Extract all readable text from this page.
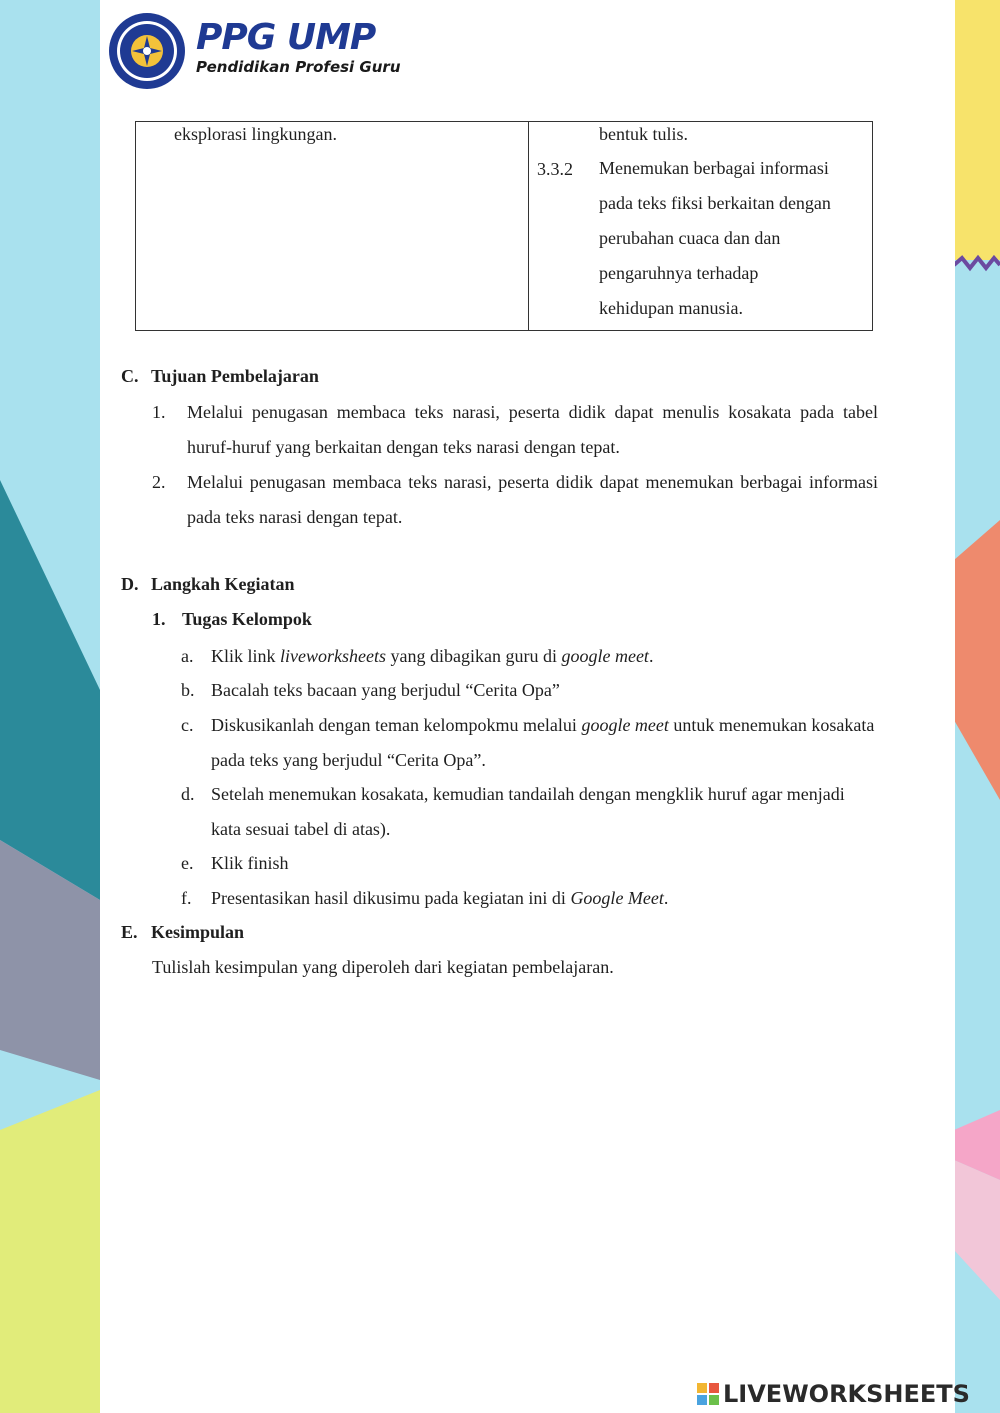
PPG UMP
Pendidikan Profesi Guru
eksplorasi lingkungan.	bentuk tulis.
3.3.2	Menemukan berbagai informasi
pada teks fiksi berkaitan dengan
perubahan cuaca dan dan
pengaruhnya terhadap
kehidupan manusia.
C. Tujuan Pembelajaran
1.	Melalui penugasan membaca teks narasi, peserta didik dapat menulis kosakata pada tabel huruf-huruf yang berkaitan dengan teks narasi dengan tepat.
2.	Melalui penugasan membaca teks narasi, peserta didik dapat menemukan berbagai informasi pada teks narasi dengan tepat.
D. Langkah Kegiatan
1. Tugas Kelompok
a. Klik link liveworksheets yang dibagikan guru di google meet.
b. Bacalah teks bacaan yang berjudul “Cerita Opa”
c. Diskusikanlah dengan teman kelompokmu melalui google meet untuk menemukan kosakata pada teks yang berjudul “Cerita Opa”.
d. Setelah menemukan kosakata, kemudian tandailah dengan mengklik huruf agar menjadi kata sesuai tabel di atas).
e. Klik finish
f.	Presentasikan hasil dikusimu pada kegiatan ini di Google Meet.
E. Kesimpulan
Tulislah kesimpulan yang diperoleh dari kegiatan pembelajaran.
LIVEWORKSHEETS
